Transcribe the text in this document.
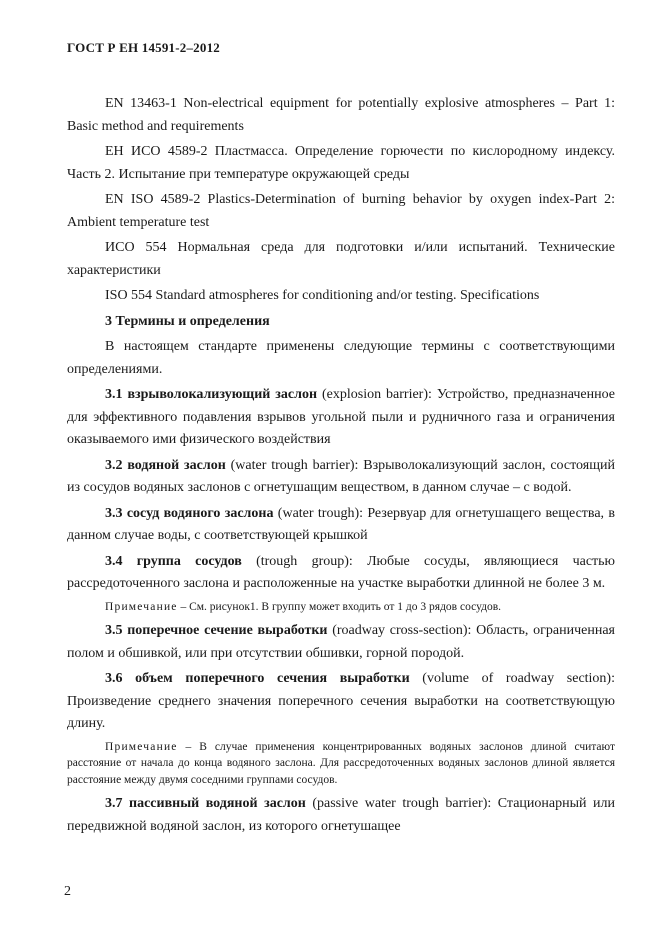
ГОСТ Р ЕН 14591-2–2012

EN 13463-1 Non-electrical equipment for potentially explosive atmospheres – Part 1: Basic method and requirements

ЕН ИСО 4589-2 Пластмасса. Определение горючести по кислородному индексу. Часть 2. Испытание при температуре окружающей среды

EN ISO 4589-2 Plastics-Determination of burning behavior by oxygen index-Part 2: Ambient temperature test

ИСО 554 Нормальная среда для подготовки и/или испытаний. Технические характеристики

ISO 554 Standard atmospheres for conditioning and/or testing. Specifications

3 Термины и определения

В настоящем стандарте применены следующие термины с соответствующими определениями.

3.1 взрыволокализующий заслон (explosion barrier): Устройство, предназначенное для эффективного подавления взрывов угольной пыли и рудничного газа и ограничения оказываемого ими физического воздействия

3.2 водяной заслон (water trough barrier): Взрыволокализующий заслон, состоящий из сосудов водяных заслонов с огнетушащим веществом, в данном случае – с водой.

3.3 сосуд водяного заслона (water trough): Резервуар для огнетушащего вещества, в данном случае воды, с соответствующей крышкой

3.4 группа сосудов (trough group): Любые сосуды, являющиеся частью рассредоточенного заслона и расположенные на участке выработки длинной не более 3 м.

Примечание – См. рисунок1. В группу может входить от 1 до 3 рядов сосудов.

3.5 поперечное сечение выработки (roadway cross-section): Область, ограниченная полом и обшивкой, или при отсутствии обшивки, горной породой.

3.6 объем поперечного сечения выработки (volume of roadway section): Произведение среднего значения поперечного сечения выработки на соответствующую длину.

Примечание – В случае применения концентрированных водяных заслонов длиной считают расстояние от начала до конца водяного заслона. Для рассредоточенных водяных заслонов длиной является расстояние между двумя соседними группами сосудов.

3.7 пассивный водяной заслон (passive water trough barrier): Стационарный или передвижной водяной заслон, из которого огнетушащее

2
